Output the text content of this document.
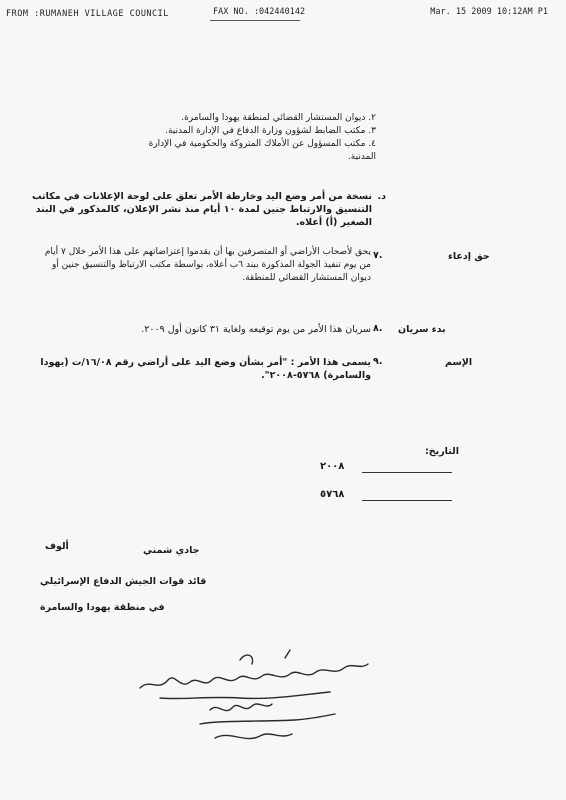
FROM :RUMANEH VILLAGE COUNCIL	FAX NO. :042440142	Mar. 15 2009 10:12AM P1
٢. ديوان المستشار القضائي لمنطقة يهودا والسامرة.
٣. مكتب الضابط لشؤون وزارة الدفاع في الإدارة المدنية.
٤. مكتب المسؤول عن الأملاك المتروكة والحكومية في الإدارة
المدنية.
د.
نسخة من أمر وضع اليد وخارطة الأمر تعلق على لوحة الإعلانات في مكاتب التنسيق والارتباط جنين لمدة ١٠ أيام منذ نشر الإعلان، كالمذكور في البند الصغير (أ) أعلاه.
حق إدعاء
٧.
يحق لأصحاب الأراضي أو المتصرفين بها أن يقدموا إعتراضاتهم على هذا الأمر خلال ٧ أيام من يوم تنفيذ الجولة المذكورة ببند ٦ب أعلاه، بواسطة مكتب الارتباط والتنسيق جنين أو ديوان المستشار القضائي للمنطقة.
بدء سريان
٨.
سريان هذا الأمر من يوم توقيعه ولغاية ٣١ كانون أول ٢٠٠٩.
الإسم
٩.
يسمى هذا الأمر : "أمر بشأن وضع اليد على أراضي رقم ١٦/٠٨/ت (يهودا والسامرة) ٥٧٦٨-٢٠٠٨".
التاريخ:
٢٠٠٨
٥٧٦٨
جادي شمني
ألوف
قائد قوات الجيش الدفاع الإسرائيلي
في منطقة يهودا والسامرة
